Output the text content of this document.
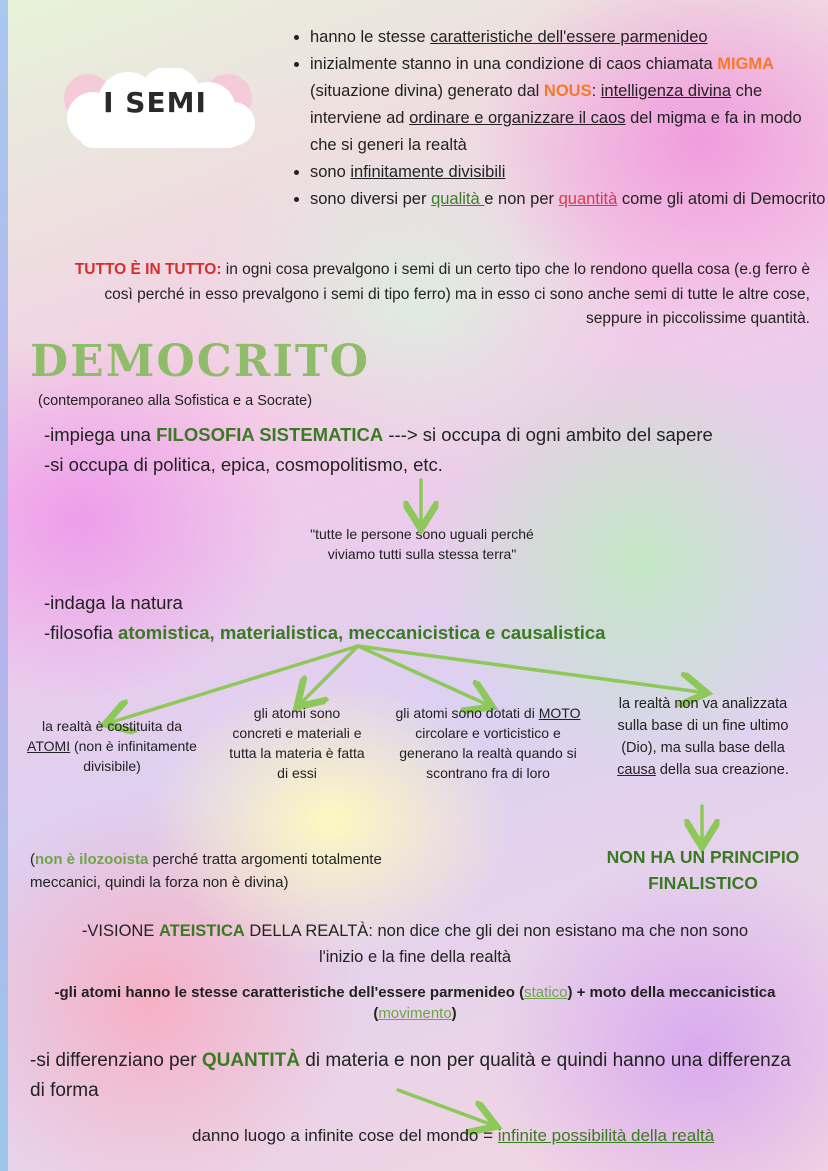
I SEMI
• hanno le stesse caratteristiche dell'essere parmenideo
• inizialmente stanno in una condizione di caos chiamata MIGMA (situazione divina) generato dal NOUS: intelligenza divina che interviene ad ordinare e organizzare il caos del migma e fa in modo che si generi la realtà
• sono infinitamente divisibili
• sono diversi per qualità e non per quantità come gli atomi di Democrito
TUTTO È IN TUTTO: in ogni cosa prevalgono i semi di un certo tipo che lo rendono quella cosa (e.g ferro è così perché in esso prevalgono i semi di tipo ferro) ma in esso ci sono anche semi di tutte le altre cose, seppure in piccolissime quantità.
DEMOCRITO
(contemporaneo alla Sofistica e a Socrate)
-impiega una FILOSOFIA SISTEMATICA ---> si occupa di ogni ambito del sapere
-si occupa di politica, epica, cosmopolitismo, etc.
"tutte le persone sono uguali perché viviamo tutti sulla stessa terra"
-indaga la natura
-filosofia atomistica, materialistica, meccanicistica e causalistica
la realtà è costituita da ATOMI (non è infinitamente divisibile)
gli atomi sono concreti e materiali e tutta la materia è fatta di essi
gli atomi sono dotati di MOTO circolare e vorticistico e generano la realtà quando si scontrano fra di loro
la realtà non va analizzata sulla base di un fine ultimo (Dio), ma sulla base della causa della sua creazione.
(non è ilozooista perché tratta argomenti totalmente meccanici, quindi la forza non è divina)
NON HA UN PRINCIPIO FINALISTICO
-VISIONE ATEISTICA DELLA REALTÀ: non dice che gli dei non esistano ma che non sono l'inizio e la fine della realtà
-gli atomi hanno le stesse caratteristiche dell'essere parmenideo (statico) + moto della meccanicistica (movimento)
-si differenziano per QUANTITÀ di materia e non per qualità e quindi hanno una differenza di forma
danno luogo a infinite cose del mondo = infinite possibilità della realtà
